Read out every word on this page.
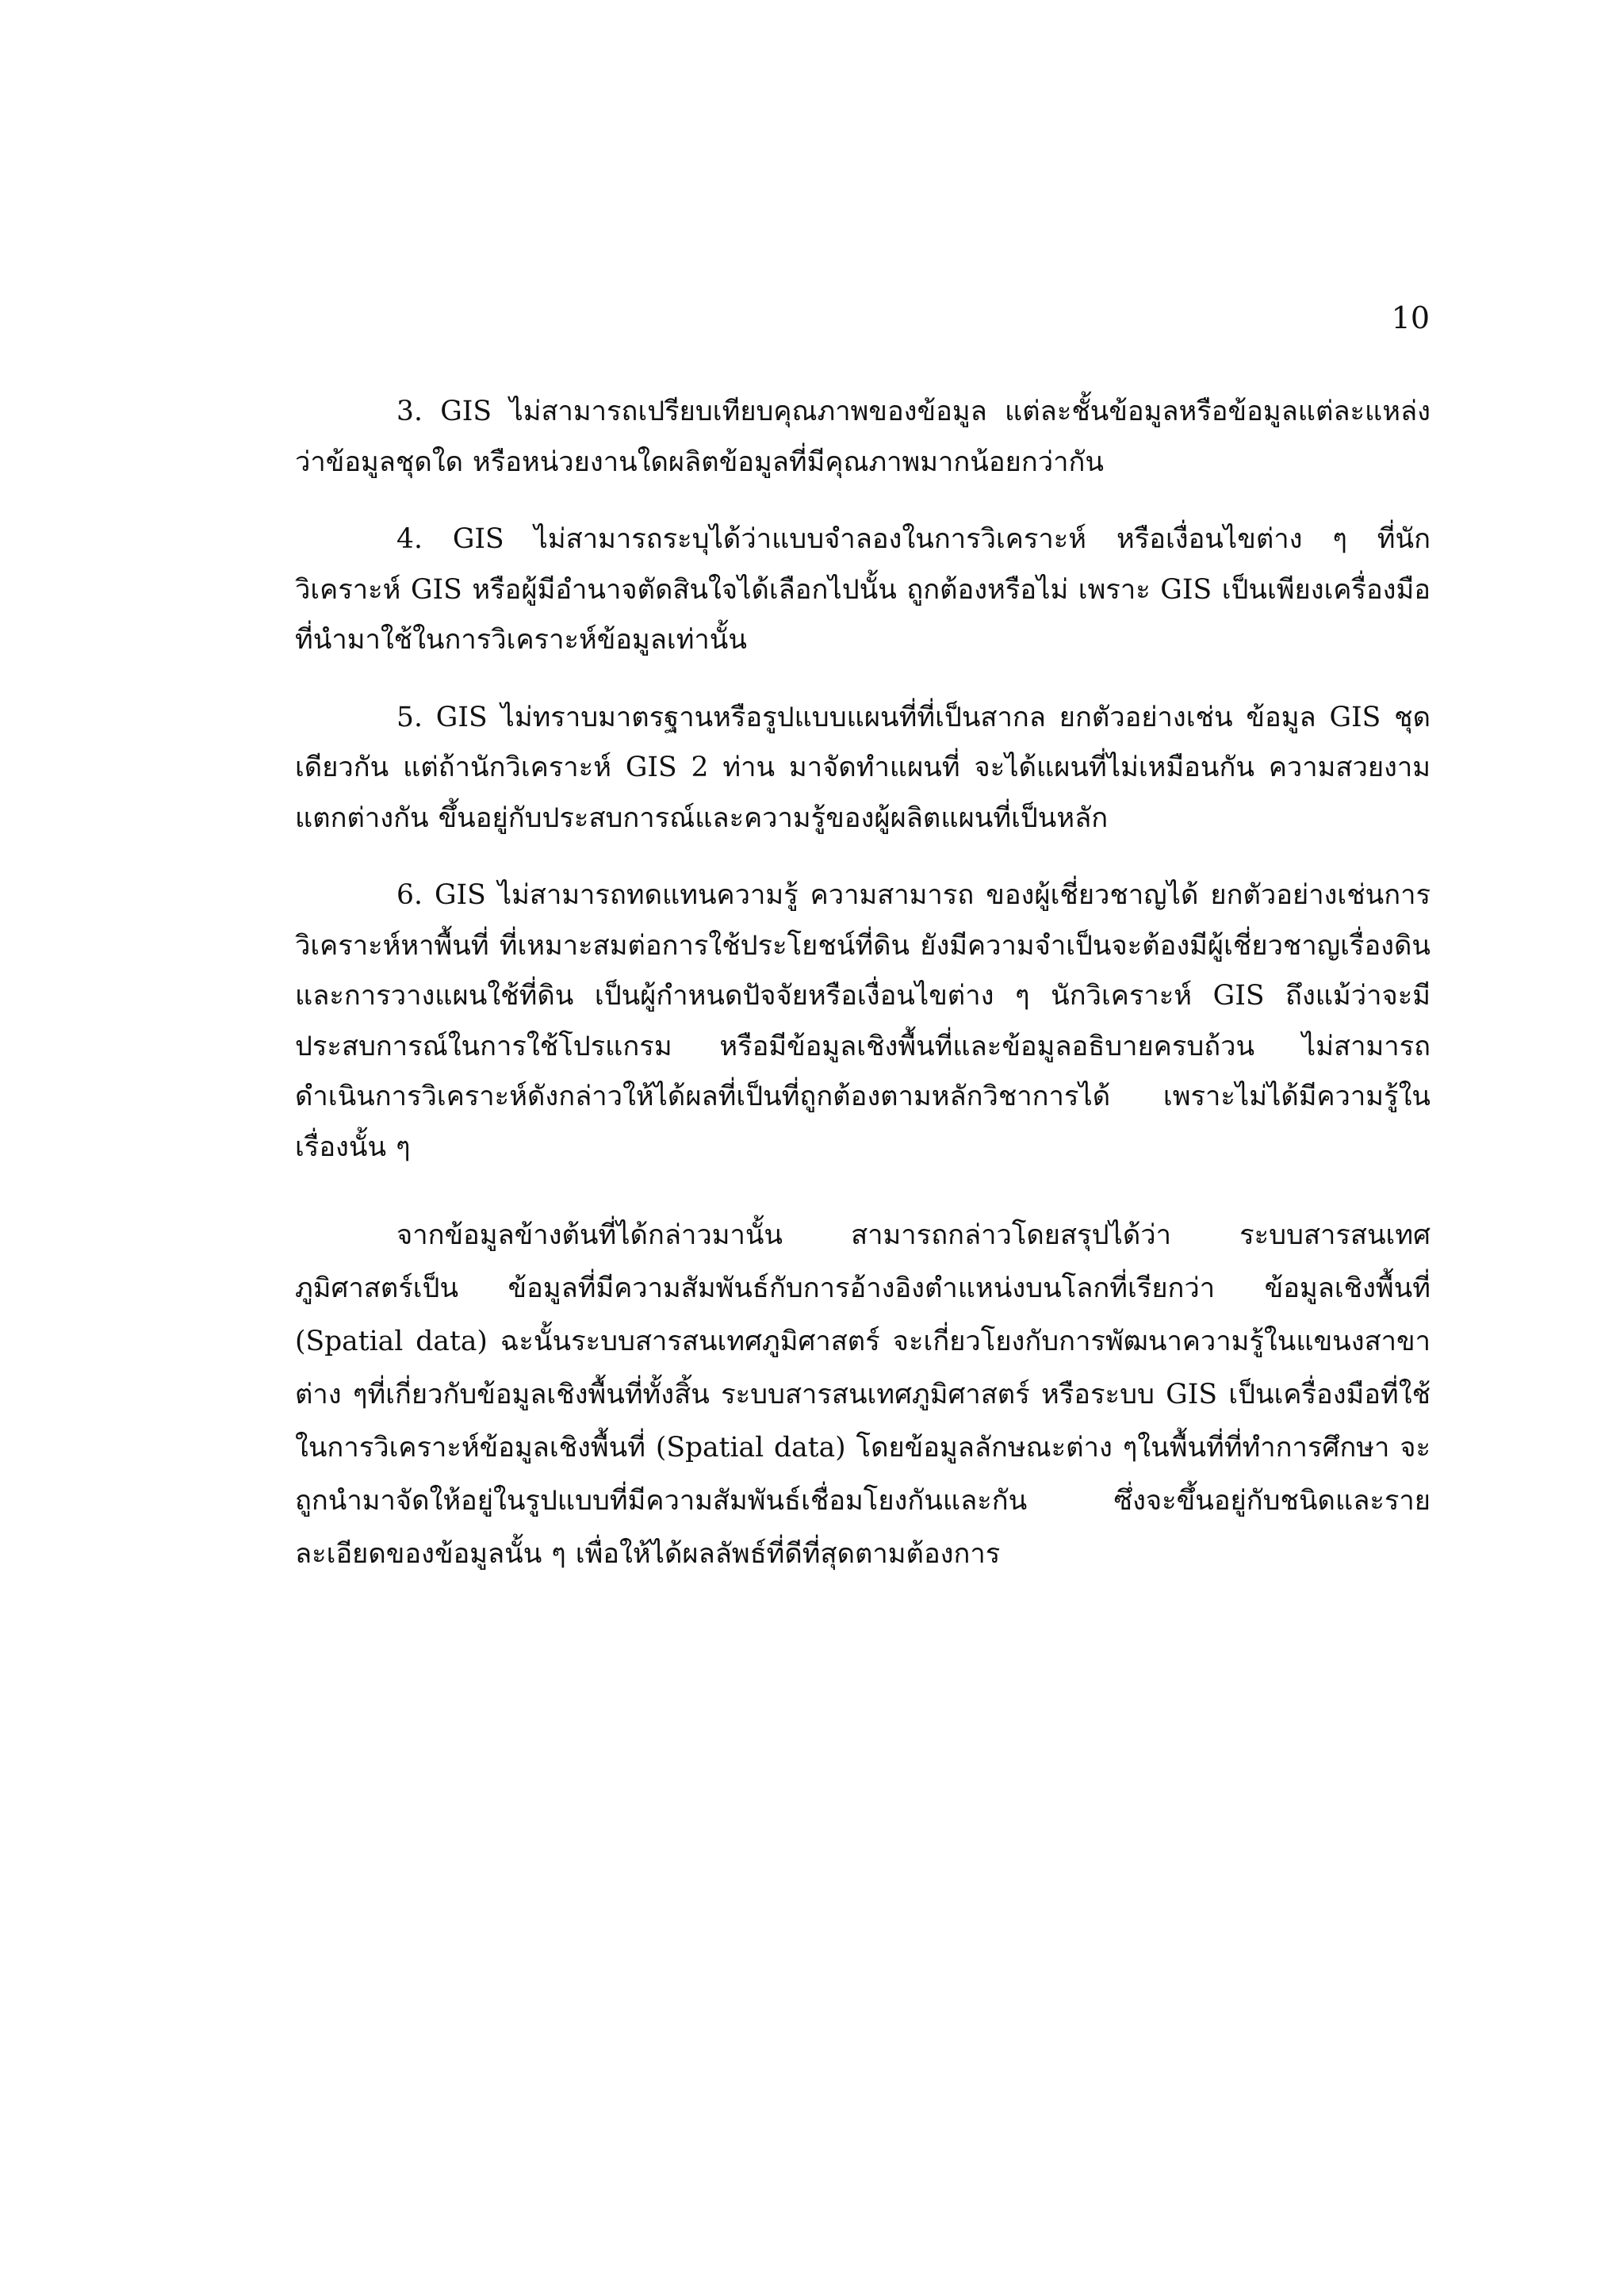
10

3. GIS ไม่สามารถเปรียบเทียบคุณภาพของข้อมูล แต่ละชั้นข้อมูลหรือข้อมูลแต่ละแหล่ง ว่าข้อมูลชุดใด หรือหน่วยงานใดผลิตข้อมูลที่มีคุณภาพมากน้อยกว่ากัน

4. GIS ไม่สามารถระบุได้ว่าแบบจำลองในการวิเคราะห์ หรือเงื่อนไขต่าง ๆ ที่นักวิเคราะห์ GIS หรือผู้มีอำนาจตัดสินใจได้เลือกไปนั้น ถูกต้องหรือไม่ เพราะ GIS เป็นเพียงเครื่องมือที่นำมาใช้ในการวิเคราะห์ข้อมูลเท่านั้น

5. GIS ไม่ทราบมาตรฐานหรือรูปแบบแผนที่ที่เป็นสากล ยกตัวอย่างเช่น ข้อมูล GIS ชุดเดียวกัน แต่ถ้านักวิเคราะห์ GIS 2 ท่าน มาจัดทำแผนที่ จะได้แผนที่ไม่เหมือนกัน ความสวยงามแตกต่างกัน ขึ้นอยู่กับประสบการณ์และความรู้ของผู้ผลิตแผนที่เป็นหลัก

6. GIS ไม่สามารถทดแทนความรู้ ความสามารถ ของผู้เชี่ยวชาญได้ ยกตัวอย่างเช่นการวิเคราะห์หาพื้นที่ ที่เหมาะสมต่อการใช้ประโยชน์ที่ดิน ยังมีความจำเป็นจะต้องมีผู้เชี่ยวชาญเรื่องดินและการวางแผนใช้ที่ดิน เป็นผู้กำหนดปัจจัยหรือเงื่อนไขต่าง ๆ นักวิเคราะห์ GIS ถึงแม้ว่าจะมีประสบการณ์ในการใช้โปรแกรม หรือมีข้อมูลเชิงพื้นที่และข้อมูลอธิบายครบถ้วน ไม่สามารถดำเนินการวิเคราะห์ดังกล่าวให้ได้ผลที่เป็นที่ถูกต้องตามหลักวิชาการได้ เพราะไม่ได้มีความรู้ในเรื่องนั้น ๆ

จากข้อมูลข้างต้นที่ได้กล่าวมานั้น สามารถกล่าวโดยสรุปได้ว่า ระบบสารสนเทศภูมิศาสตร์เป็น ข้อมูลที่มีความสัมพันธ์กับการอ้างอิงตำแหน่งบนโลกที่เรียกว่า ข้อมูลเชิงพื้นที่ (Spatial data) ฉะนั้นระบบสารสนเทศภูมิศาสตร์ จะเกี่ยวโยงกับการพัฒนาความรู้ในแขนงสาขาต่าง ๆที่เกี่ยวกับข้อมูลเชิงพื้นที่ทั้งสิ้น ระบบสารสนเทศภูมิศาสตร์ หรือระบบ GIS เป็นเครื่องมือที่ใช้ในการวิเคราะห์ข้อมูลเชิงพื้นที่ (Spatial data) โดยข้อมูลลักษณะต่าง ๆในพื้นที่ที่ทำการศึกษา จะถูกนำมาจัดให้อยู่ในรูปแบบที่มีความสัมพันธ์เชื่อมโยงกันและกัน ซึ่งจะขึ้นอยู่กับชนิดและรายละเอียดของข้อมูลนั้น ๆ เพื่อให้ได้ผลลัพธ์ที่ดีที่สุดตามต้องการ
